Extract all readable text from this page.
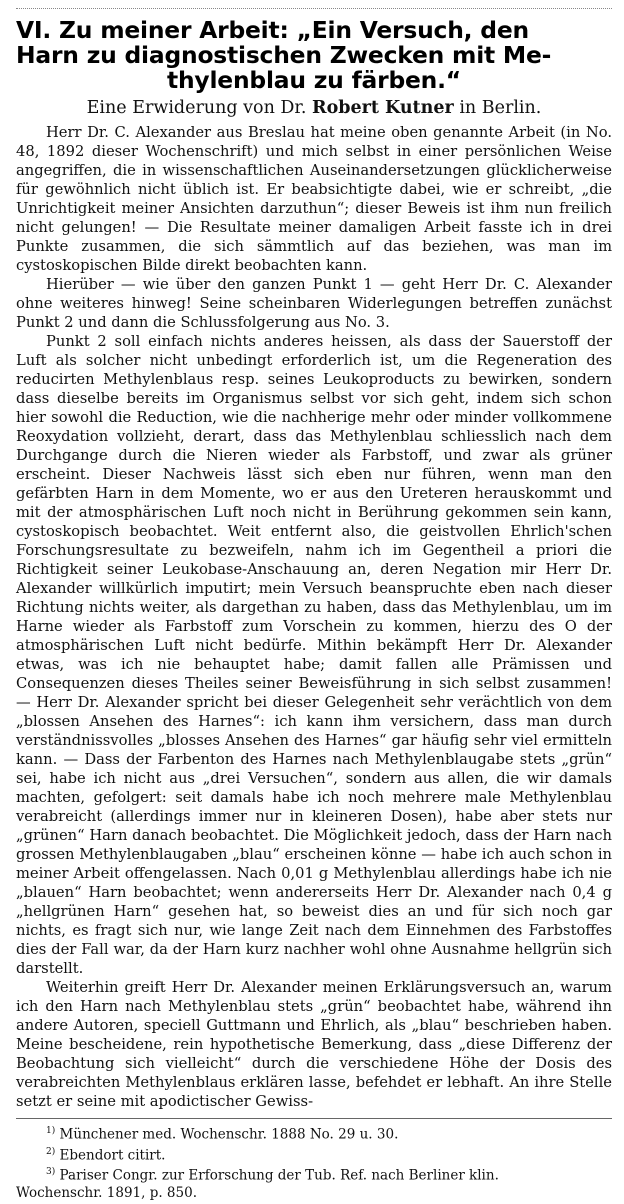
VI. Zu meiner Arbeit: „Ein Versuch, den
Harn zu diagnostischen Zwecken mit Me-
thylenblau zu färben.“
Eine Erwiderung von Dr. Robert Kutner in Berlin.

Herr Dr. C. Alexander aus Breslau hat meine oben genannte Arbeit (in No. 48, 1892 dieser Wochenschrift) und mich selbst in einer persönlichen Weise angegriffen, die in wissenschaftlichen Auseinandersetzungen glücklicherweise für gewöhnlich nicht üblich ist. Er beabsichtigte dabei, wie er schreibt, „die Unrichtigkeit meiner Ansichten darzuthun“; dieser Beweis ist ihm nun freilich nicht gelungen! — Die Resultate meiner damaligen Arbeit fasste ich in drei Punkte zusammen, die sich sämmtlich auf das beziehen, was man im cystoskopischen Bilde direkt beobachten kann.

Hierüber — wie über den ganzen Punkt 1 — geht Herr Dr. C. Alexander ohne weiteres hinweg! Seine scheinbaren Widerlegungen betreffen zunächst Punkt 2 und dann die Schlussfolgerung aus No. 3.

Punkt 2 soll einfach nichts anderes heissen, als dass der Sauerstoff der Luft als solcher nicht unbedingt erforderlich ist, um die Regeneration des reducirten Methylenblaus resp. seines Leukoproducts zu bewirken, sondern dass dieselbe bereits im Organismus selbst vor sich geht, indem sich schon hier sowohl die Reduction, wie die nachherige mehr oder minder vollkommene Reoxydation vollzieht, derart, dass das Methylenblau schliesslich nach dem Durchgange durch die Nieren wieder als Farbstoff, und zwar als grüner erscheint. Dieser Nachweis lässt sich eben nur führen, wenn man den gefärbten Harn in dem Momente, wo er aus den Ureteren herauskommt und mit der atmosphärischen Luft noch nicht in Berührung gekommen sein kann, cystoskopisch beobachtet. Weit entfernt also, die geistvollen Ehrlich'schen Forschungsresultate zu bezweifeln, nahm ich im Gegentheil a priori die Richtigkeit seiner Leukobase-Anschauung an, deren Negation mir Herr Dr. Alexander willkürlich imputirt; mein Versuch beanspruchte eben nach dieser Richtung nichts weiter, als dargethan zu haben, dass das Methylenblau, um im Harne wieder als Farbstoff zum Vorschein zu kommen, hierzu des O der atmosphärischen Luft nicht bedürfe. Mithin bekämpft Herr Dr. Alexander etwas, was ich nie behauptet habe; damit fallen alle Prämissen und Consequenzen dieses Theiles seiner Beweisführung in sich selbst zusammen! — Herr Dr. Alexander spricht bei dieser Gelegenheit sehr verächtlich von dem „blossen Ansehen des Harnes“: ich kann ihm versichern, dass man durch verständnissvolles „blosses Ansehen des Harnes“ gar häufig sehr viel ermitteln kann. — Dass der Farbenton des Harnes nach Methylenblaugabe stets „grün“ sei, habe ich nicht aus „drei Versuchen“, sondern aus allen, die wir damals machten, gefolgert: seit damals habe ich noch mehrere male Methylenblau verabreicht (allerdings immer nur in kleineren Dosen), habe aber stets nur „grünen“ Harn danach beobachtet. Die Möglichkeit jedoch, dass der Harn nach grossen Methylenblaugaben „blau“ erscheinen könne — habe ich auch schon in meiner Arbeit offengelassen. Nach 0,01 g Methylenblau allerdings habe ich nie „blauen“ Harn beobachtet; wenn andererseits Herr Dr. Alexander nach 0,4 g „hellgrünen Harn“ gesehen hat, so beweist dies an und für sich noch gar nichts, es fragt sich nur, wie lange Zeit nach dem Einnehmen des Farbstoffes dies der Fall war, da der Harn kurz nachher wohl ohne Ausnahme hellgrün sich darstellt.

Weiterhin greift Herr Dr. Alexander meinen Erklärungsversuch an, warum ich den Harn nach Methylenblau stets „grün“ beobachtet habe, während ihn andere Autoren, speciell Guttmann und Ehrlich, als „blau“ beschrieben haben. Meine bescheidene, rein hypothetische Bemerkung, dass „diese Differenz der Beobachtung sich vielleicht“ durch die verschiedene Höhe der Dosis des verabreichten Methylenblaus erklären lasse, befehdet er lebhaft. An ihre Stelle setzt er seine mit apodictischer Gewiss-

$^{1)}$ Münchener med. Wochenschr. 1888 No. 29 u. 30.

$^{2)}$ Ebendort citirt.

$^{3)}$ Pariser Congr. zur Erforschung der Tub. Ref. nach Berliner klin.

Wochenschr. 1891, p. 850.
